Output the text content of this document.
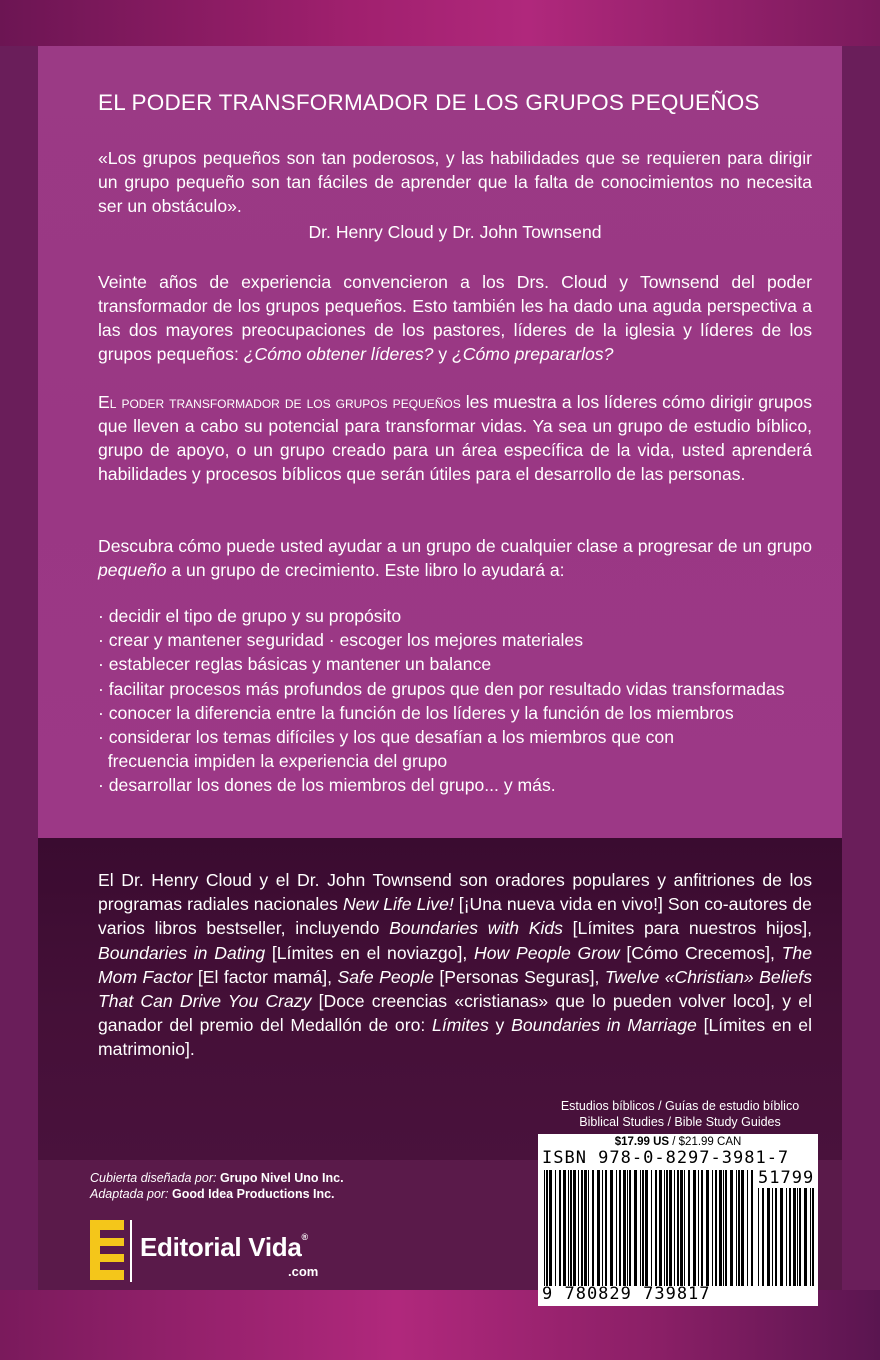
EL PODER TRANSFORMADOR DE LOS GRUPOS PEQUEÑOS
«Los grupos pequeños son tan poderosos, y las habilidades que se requieren para dirigir un grupo pequeño son tan fáciles de aprender que la falta de conocimientos no necesita ser un obstáculo».
Dr. Henry Cloud y Dr. John Townsend
Veinte años de experiencia convencieron a los Drs. Cloud y Townsend del poder transformador de los grupos pequeños. Esto también les ha dado una aguda perspectiva a las dos mayores preocupaciones de los pastores, líderes de la iglesia y líderes de los grupos pequeños: ¿Cómo obtener líderes? y ¿Cómo prepararlos?
El poder transformador de los grupos pequeños les muestra a los líderes cómo dirigir grupos que lleven a cabo su potencial para transformar vidas. Ya sea un grupo de estudio bíblico, grupo de apoyo, o un grupo creado para un área específica de la vida, usted aprenderá habilidades y procesos bíblicos que serán útiles para el desarrollo de las personas.
Descubra cómo puede usted ayudar a un grupo de cualquier clase a progresar de un grupo pequeño a un grupo de crecimiento. Este libro lo ayudará a:
· decidir el tipo de grupo y su propósito
· crear y mantener seguridad · escoger los mejores materiales
· establecer reglas básicas y mantener un balance
· facilitar procesos más profundos de grupos que den por resultado vidas transformadas
· conocer la diferencia entre la función de los líderes y la función de los miembros
· considerar los temas difíciles y los que desafían a los miembros que con
frecuencia impiden la experiencia del grupo
· desarrollar los dones de los miembros del grupo... y más.
El Dr. Henry Cloud y el Dr. John Townsend son oradores populares y anfitriones de los programas radiales nacionales New Life Live! [¡Una nueva vida en vivo!] Son co-autores de varios libros bestseller, incluyendo Boundaries with Kids [Límites para nuestros hijos], Boundaries in Dating [Límites en el noviazgo], How People Grow [Cómo Crecemos], The Mom Factor [El factor mamá], Safe People [Personas Seguras], Twelve «Christian» Beliefs That Can Drive You Crazy [Doce creencias «cristianas» que lo pueden volver loco], y el ganador del premio del Medallón de oro: Límites y Boundaries in Marriage [Límites en el matrimonio].
Estudios bíblicos / Guías de estudio bíblico
Biblical Studies / Bible Study Guides
$17.99 US / $21.99 CAN
ISBN 978-0-8297-3981-7
51799
9 780829 739817
Cubierta diseñada por: Grupo Nivel Uno Inc.
Adaptada por: Good Idea Productions Inc.
Editorial Vida®
.com
